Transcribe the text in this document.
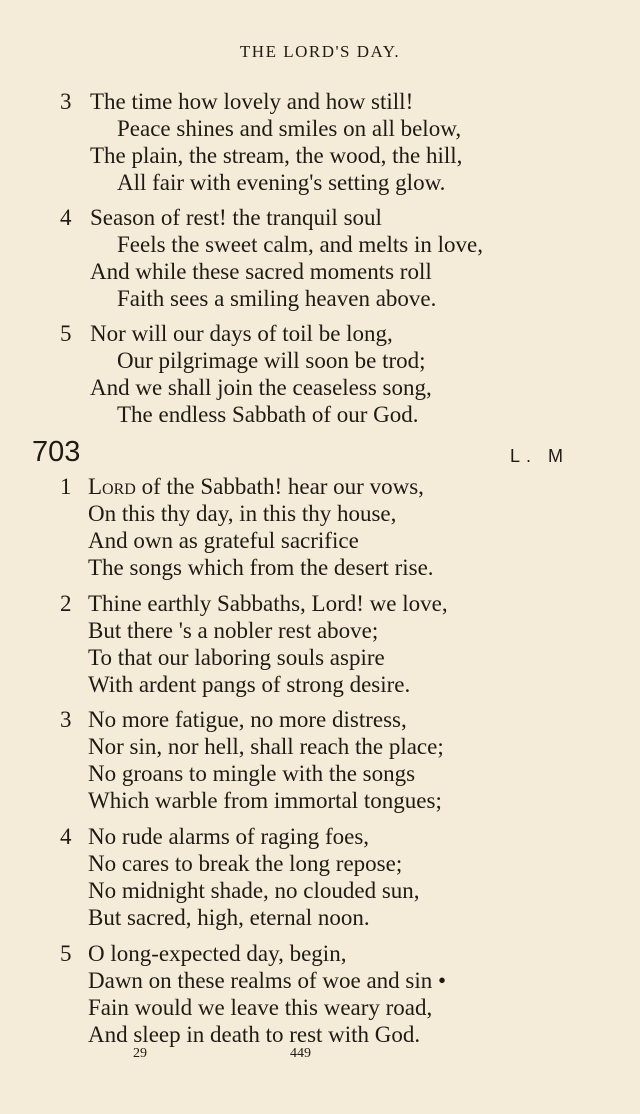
THE LORD'S DAY.
3 The time how lovely and how still!
Peace shines and smiles on all below,
The plain, the stream, the wood, the hill,
All fair with evening's setting glow.
4 Season of rest! the tranquil soul
Feels the sweet calm, and melts in love,
And while these sacred moments roll
Faith sees a smiling heaven above.
5 Nor will our days of toil be long,
Our pilgrimage will soon be trod;
And we shall join the ceaseless song,
The endless Sabbath of our God.
703	L. M
1 Lord of the Sabbath! hear our vows,
On this thy day, in this thy house,
And own as grateful sacrifice
The songs which from the desert rise.
2 Thine earthly Sabbaths, Lord! we love,
But there 's a nobler rest above;
To that our laboring souls aspire
With ardent pangs of strong desire.
3 No more fatigue, no more distress,
Nor sin, nor hell, shall reach the place;
No groans to mingle with the songs
Which warble from immortal tongues;
4 No rude alarms of raging foes,
No cares to break the long repose;
No midnight shade, no clouded sun,
But sacred, high, eternal noon.
5 O long-expected day, begin,
Dawn on these realms of woe and sin •
Fain would we leave this weary road,
And sleep in death to rest with God.
29	449
